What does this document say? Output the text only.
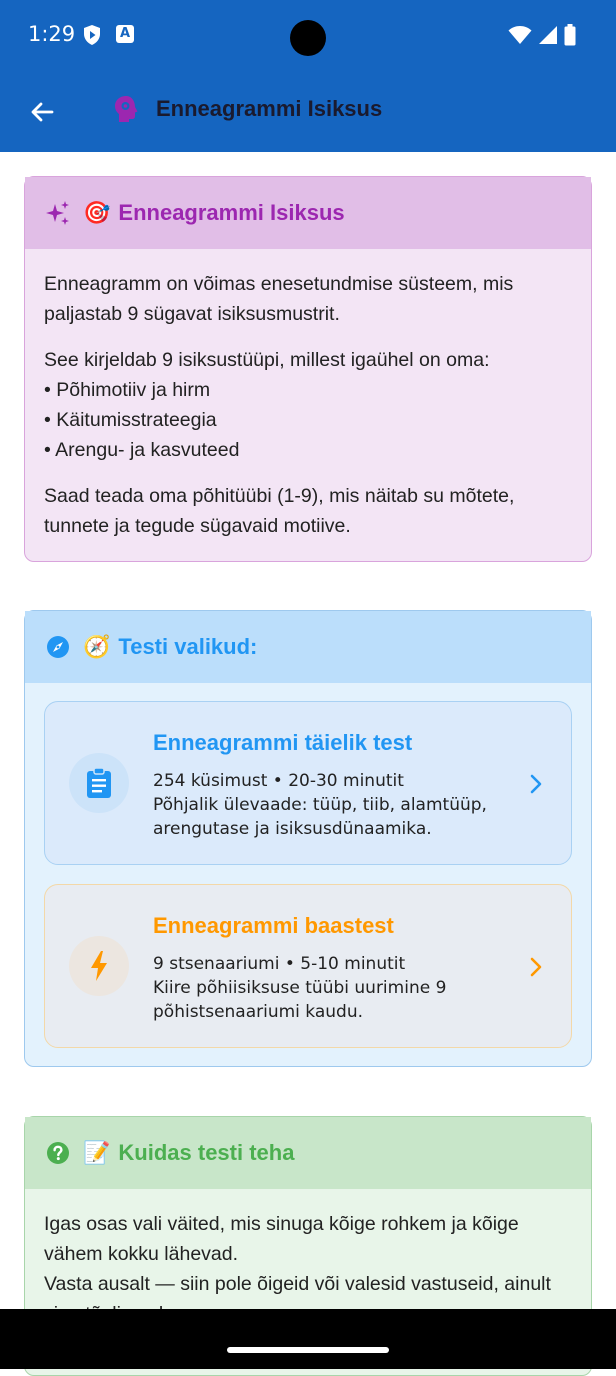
1:29	A
Enneagrammi Isiksus
🎯 Enneagrammi Isiksus

Enneagramm on võimas enesetundmise süsteem, mis paljastab 9 sügavat isiksusmustrit.

See kirjeldab 9 isiksustüüpi, millest igaühel on oma:
• Põhimotiiv ja hirm
• Käitumisstrateegia
• Arengu- ja kasvuteed

Saad teada oma põhitüübi (1-9), mis näitab su mõtete, tunnete ja tegude sügavaid motiive.

🧭 Testi valikud:
Enneagrammi täielik test
254 küsimust • 20-30 minutit
Põhjalik ülevaade: tüüp, tiib, alamtüüp, arengutase ja isiksusdünaamika.
Enneagrammi baastest
9 stsenaariumi • 5-10 minutit
Kiire põhiisiksuse tüübi uurimine 9 põhistsenaariumi kaudu.
📝 Kuidas testi teha

Igas osas vali väited, mis sinuga kõige rohkem ja kõige vähem kokku lähevad.
Vasta ausalt — siin pole õigeid või valesid vastuseid, ainult
